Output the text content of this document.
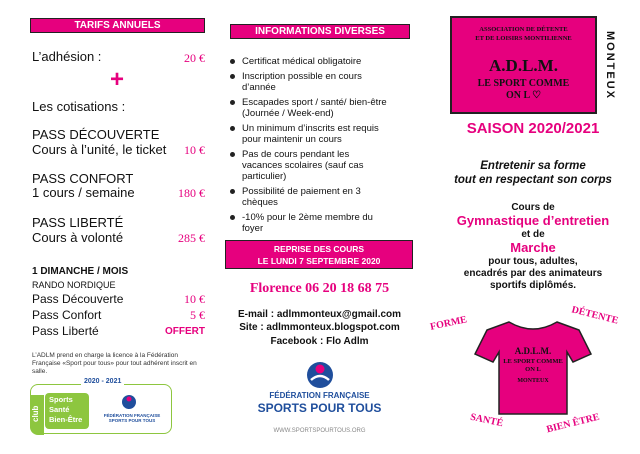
TARIFS ANNUELS
L’adhésion :	20 €
+
Les cotisations :
PASS DÉCOUVERTE
Cours à l’unité, le ticket	10 €
PASS CONFORT
1 cours / semaine	180 €
PASS LIBERTÉ
Cours à volonté	285 €
1 DIMANCHE / MOIS
RANDO NORDIQUE
Pass Découverte	10 €
Pass Confort	5 €
Pass Liberté	OFFERT
L’ADLM prend en charge la licence à la Fédération Française «Sport pour tous» pour tout adhérent inscrit en salle.
club
2020 - 2021
Sports
Santé
Bien-Être	FÉDÉRATION FRANÇAISE SPORTS POUR TOUS
INFORMATIONS DIVERSES
Certificat médical obligatoire
Inscription possible en cours d’année
Escapades sport / santé/ bien-être (Journée / Week-end)
Un minimum d’inscrits est requis pour maintenir un cours
Pas de cours pendant les vacances scolaires (sauf cas particulier)
Possibilité de paiement en 3 chèques
-10% pour le 2ème membre du foyer
REPRISE DES COURS
LE LUNDI 7 SEPTEMBRE 2020
Florence 06 20 18 68 75
E-mail : adlmmonteux@gmail.com
Site : adlmmonteux.blogspot.com
Facebook : Flo Adlm
FÉDÉRATION FRANÇAISE
SPORTS POUR TOUS
WWW.SPORTSPOURTOUS.ORG
ASSOCIATION DE DÉTENTE
ET DE LOISIRS MONTILIENNE
A.D.L.M.
LE SPORT COMME
ON L ♡	MONTEUX
SAISON 2020/2021
Entretenir sa forme
tout en respectant son corps
Cours de
Gymnastique d’entretien
et de
Marche
pour tous, adultes,
encadrés par des animateurs
sportifs diplômés.
FORME	DÉTENTE
SANTÉ	BIEN ÊTRE
A.D.L.M.
LE SPORT COMME
ON L
MONTEUX
